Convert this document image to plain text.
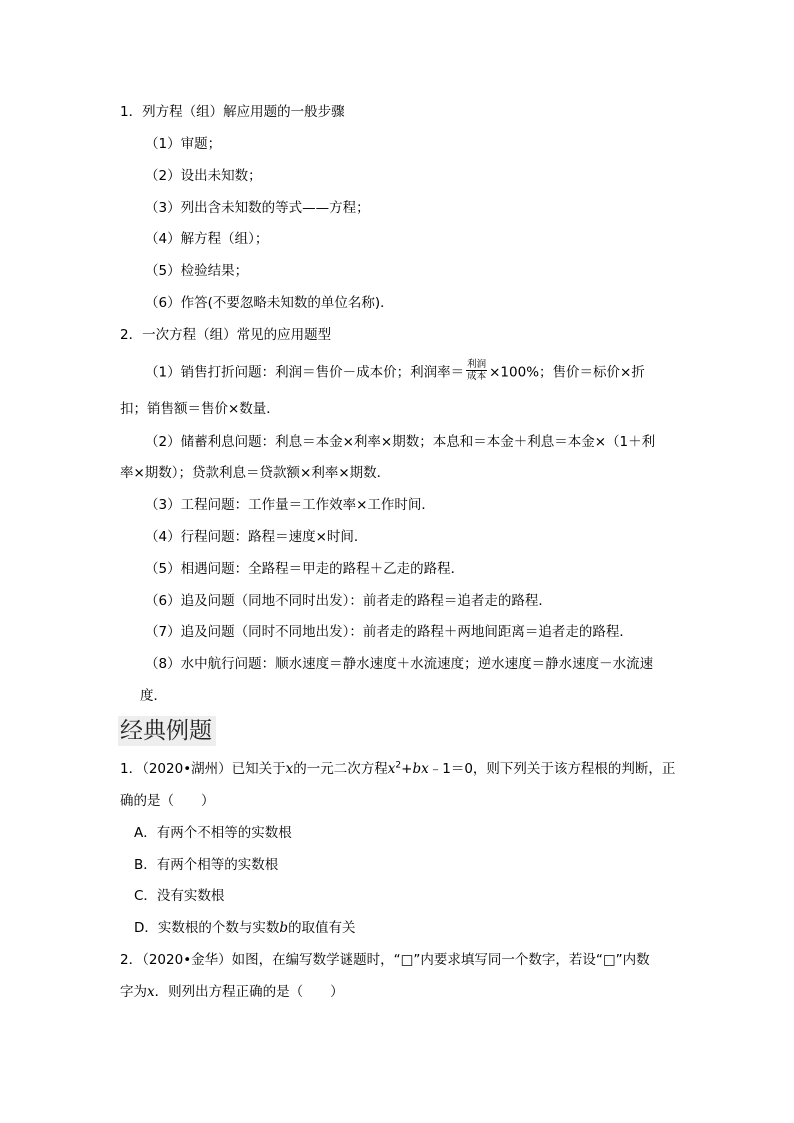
1．列方程（组）解应用题的一般步骤
（1）审题；
（2）设出未知数；
（3）列出含未知数的等式——方程；
（4）解方程（组）；
（5）检验结果；
（6）作答(不要忽略未知数的单位名称)．
2．一次方程（组）常见的应用题型
（1）销售打折问题：利润＝售价－成本价；利润率＝ $\frac{\text{利润}}{\text{成本}} \times 100\%$；售价＝标价×折
扣；销售额＝售价×数量．
（2）储蓄利息问题：利息＝本金×利率×期数；本息和＝本金＋利息＝本金×（1＋利
率×期数）；贷款利息＝贷款额×利率×期数．
（3）工程问题：工作量＝工作效率×工作时间．
（4）行程问题：路程＝速度×时间．
（5）相遇问题：全路程＝甲走的路程＋乙走的路程．
（6）追及问题（同地不同时出发）：前者走的路程＝追者走的路程．
（7）追及问题（同时不同地出发）：前者走的路程＋两地间距离＝追者走的路程．
（8）水中航行问题：顺水速度＝静水速度＋水流速度；逆水速度＝静水速度－水流速
度．
经典例题
1．（2020•湖州）已知关于x的一元二次方程$x^2+bx﹣1=0$，则下列关于该方程根的判断，正
确的是（　　）
A．有两个不相等的实数根
B．有两个相等的实数根
C．没有实数根
D．实数根的个数与实数b的取值有关
2．（2020•金华）如图，在编写数学谜题时，“□”内要求填写同一个数字，若设“□”内数
字为x．则列出方程正确的是（　　）
